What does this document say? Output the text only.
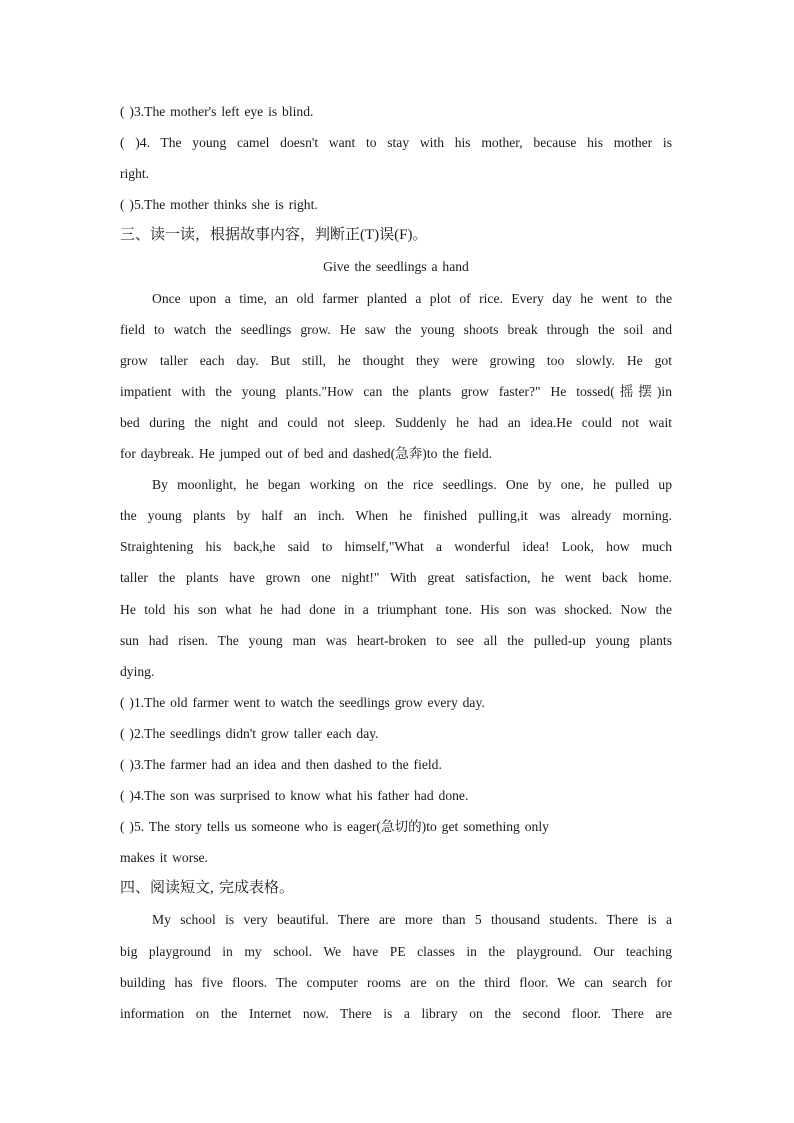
( )3.The mother's left eye is blind.
( )4. The young camel doesn't want to stay with his mother, because his mother is
right.
( )5.The mother thinks she is right.
三、读一读，根据故事内容，判断正(T)误(F)。
Give the seedlings a hand
Once upon a time, an old farmer planted a plot of rice. Every day he went to the
field to watch the seedlings grow. He saw the young shoots break through the soil and
grow taller each day. But still, he thought they were growing too slowly. He got
impatient with the young plants."How can the plants grow faster?" He tossed(摇摆)in
bed during the night and could not sleep. Suddenly he had an idea.He could not wait
for daybreak. He jumped out of bed and dashed(急奔)to the field.
By moonlight, he began working on the rice seedlings. One by one, he pulled up
the young plants by half an inch. When he finished pulling,it was already morning.
Straightening his back,he said to himself,"What a wonderful idea! Look, how much
taller the plants have grown one night!" With great satisfaction, he went back home.
He told his son what he had done in a triumphant tone. His son was shocked. Now the
sun had risen. The young man was heart-broken to see all the pulled-up young plants
dying.
( )1.The old farmer went to watch the seedlings grow every day.
( )2.The seedlings didn't grow taller each day.
( )3.The farmer had an idea and then dashed to the field.
( )4.The son was surprised to know what his father had done.
( )5. The story tells us someone who is eager(急切的)to get something only
makes it worse.
四、阅读短文, 完成表格。
My school is very beautiful. There are more than 5 thousand students. There is a
big playground in my school. We have PE classes in the playground. Our teaching
building has five floors. The computer rooms are on the third floor. We can search for
information on the Internet now. There is a library on the second floor. There are
